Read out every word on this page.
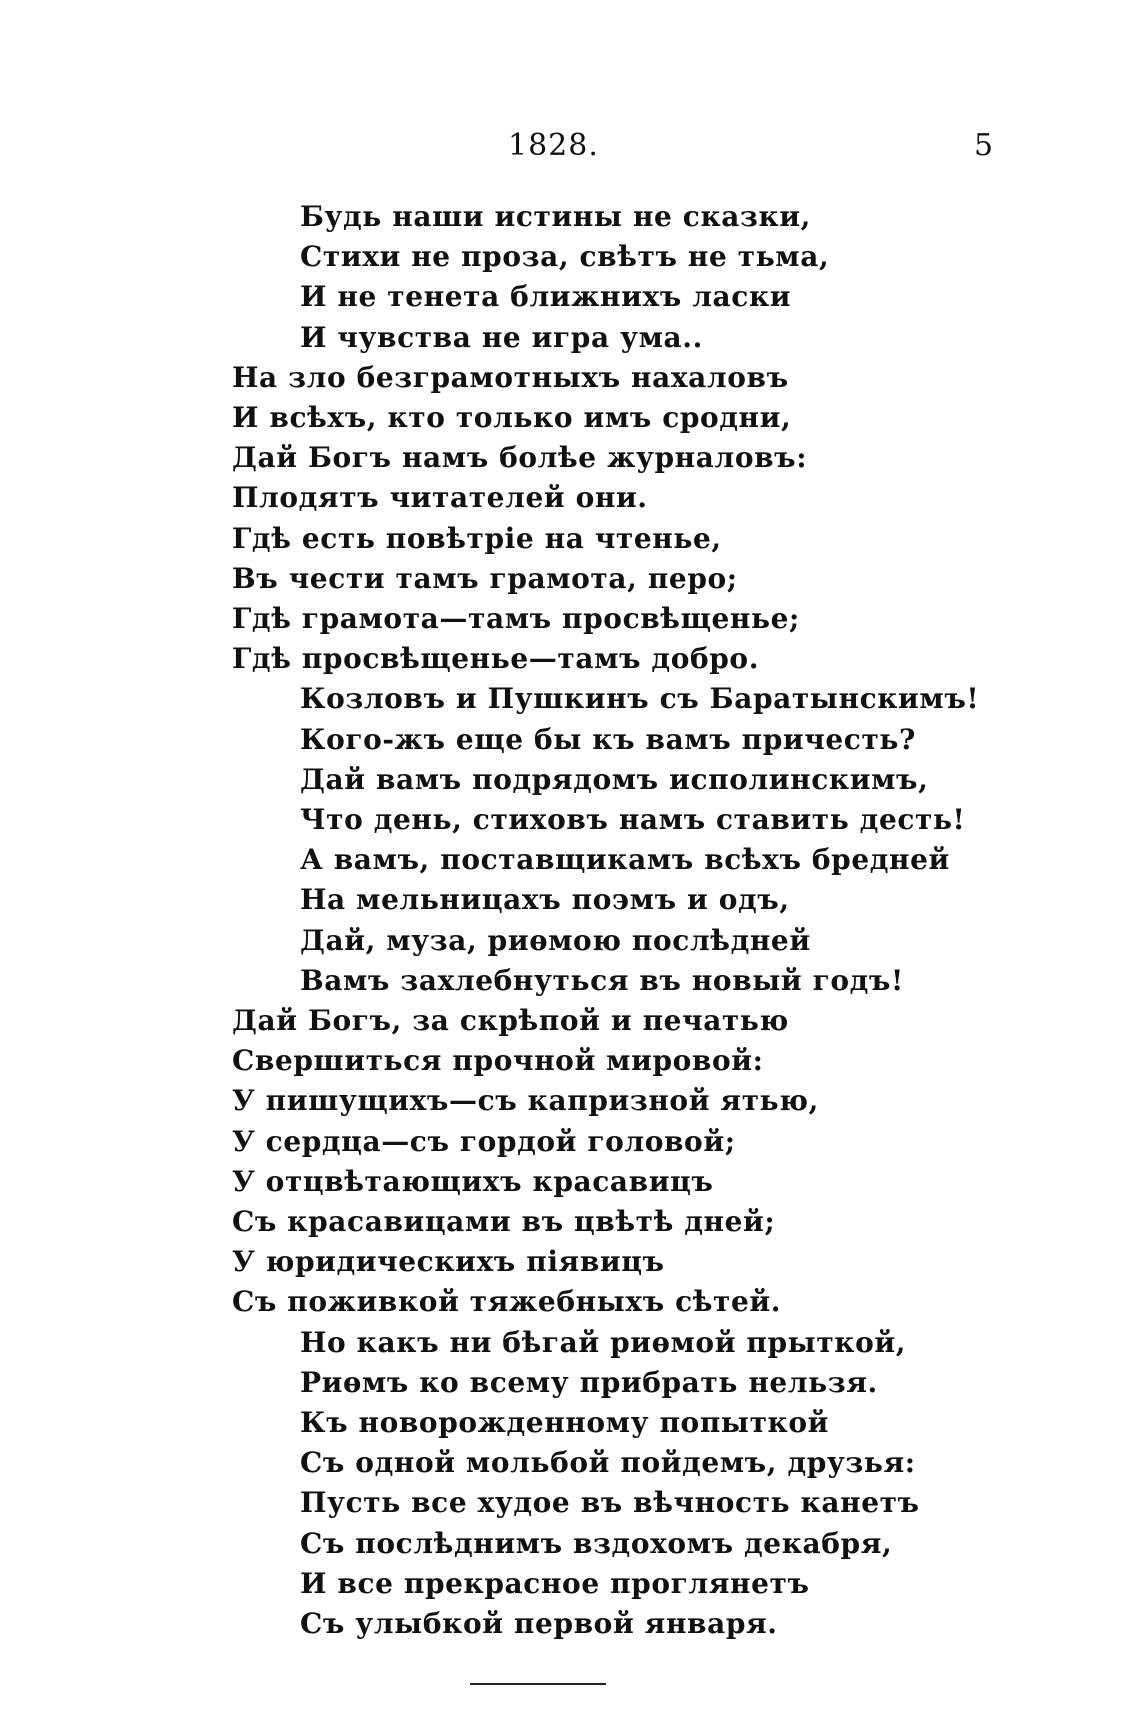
1828.	5
Будь наши истины не сказки,
Стихи не проза, свѣтъ не тьма,
И не тенета ближнихъ ласки
И чувства не игра ума..
На зло безграмотныхъ нахаловъ
И всѣхъ, кто только имъ сродни,
Дай Богъ намъ болѣе журналовъ:
Плодятъ читателей они.
Гдѣ есть повѣтріе на чтенье,
Въ чести тамъ грамота, перо;
Гдѣ грамота—тамъ просвѣщенье;
Гдѣ просвѣщенье—тамъ добро.
Козловъ и Пушкинъ съ Баратынскимъ!
Кого-жъ еще бы къ вамъ причесть?
Дай вамъ подрядомъ исполинскимъ,
Что день, стиховъ намъ ставить десть!
А вамъ, поставщикамъ всѣхъ бредней
На мельницахъ поэмъ и одъ,
Дай, муза, риѳмою послѣдней
Вамъ захлебнуться въ новый годъ!
Дай Богъ, за скрѣпой и печатью
Свершиться прочной мировой:
У пишущихъ—съ капризной ятью,
У сердца—съ гордой головой;
У отцвѣтающихъ красавицъ
Съ красавицами въ цвѣтѣ дней;
У юридическихъ піявицъ
Съ поживкой тяжебныхъ сѣтей.
Но какъ ни бѣгай риѳмой прыткой,
Риѳмъ ко всему прибрать нельзя.
Къ новорожденному попыткой
Съ одной мольбой пойдемъ, друзья:
Пусть все худое въ вѣчность канетъ
Съ послѣднимъ вздохомъ декабря,
И все прекрасное проглянетъ
Съ улыбкой первой января.
